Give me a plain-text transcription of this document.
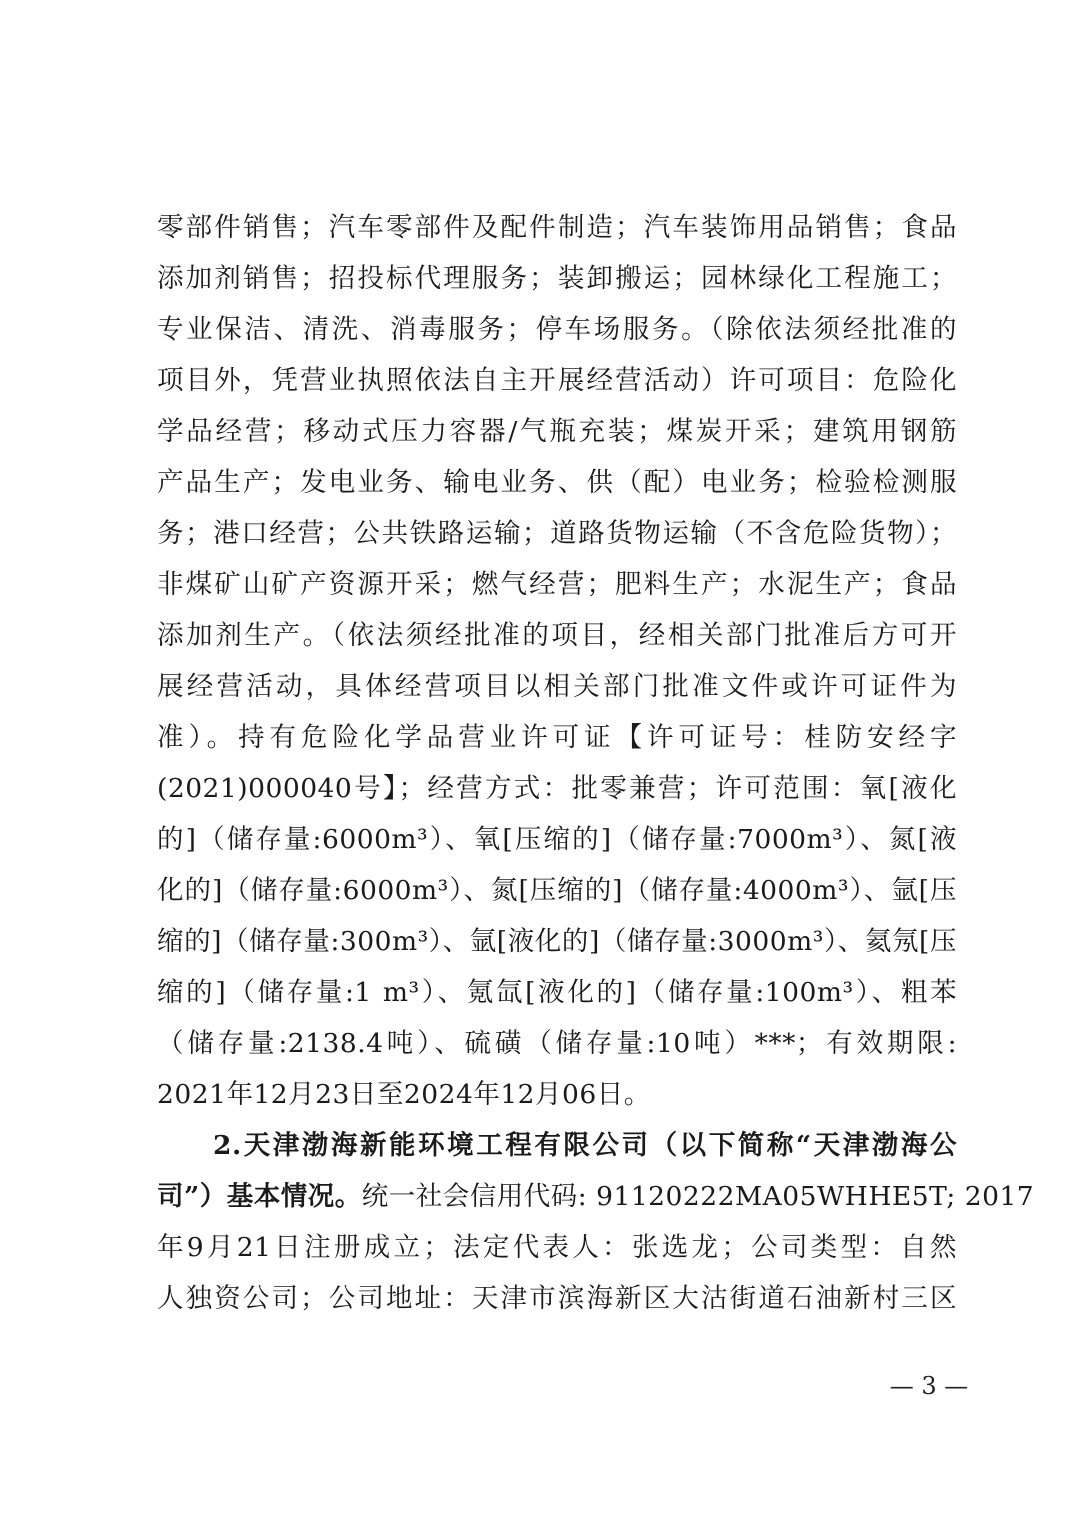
零部件销售；汽车零部件及配件制造；汽车装饰用品销售；食品
添加剂销售；招投标代理服务；装卸搬运；园林绿化工程施工；
专业保洁、清洗、消毒服务；停车场服务。（除依法须经批准的
项目外，凭营业执照依法自主开展经营活动）许可项目：危险化
学品经营；移动式压力容器/气瓶充装；煤炭开采；建筑用钢筋
产品生产；发电业务、输电业务、供（配）电业务；检验检测服
务；港口经营；公共铁路运输；道路货物运输（不含危险货物）；
非煤矿山矿产资源开采；燃气经营；肥料生产；水泥生产；食品
添加剂生产。（依法须经批准的项目，经相关部门批准后方可开
展经营活动，具体经营项目以相关部门批准文件或许可证件为
准）。持有危险化学品营业许可证【许可证号：桂防安经字
(2021)000040号】；经营方式：批零兼营；许可范围：氧[液化
的]（储存量:6000m³）、氧[压缩的]（储存量:7000m³）、氮[液
化的]（储存量:6000m³）、氮[压缩的]（储存量:4000m³）、氩[压
缩的]（储存量:300m³）、氩[液化的]（储存量:3000m³）、氦氖[压
缩的]（储存量:1 m³）、氪氙[液化的]（储存量:100m³）、粗苯
（储存量:2138.4吨）、硫磺（储存量:10吨）***；有效期限:
2021年12月23日至2024年12月06日。
2.天津渤海新能环境工程有限公司（以下简称“天津渤海公
司”）基本情况。统一社会信用代码: 91120222MA05WHHE5T; 2017
年9月21日注册成立；法定代表人：张选龙；公司类型：自然
人独资公司；公司地址：天津市滨海新区大沽街道石油新村三区
— 3 —
